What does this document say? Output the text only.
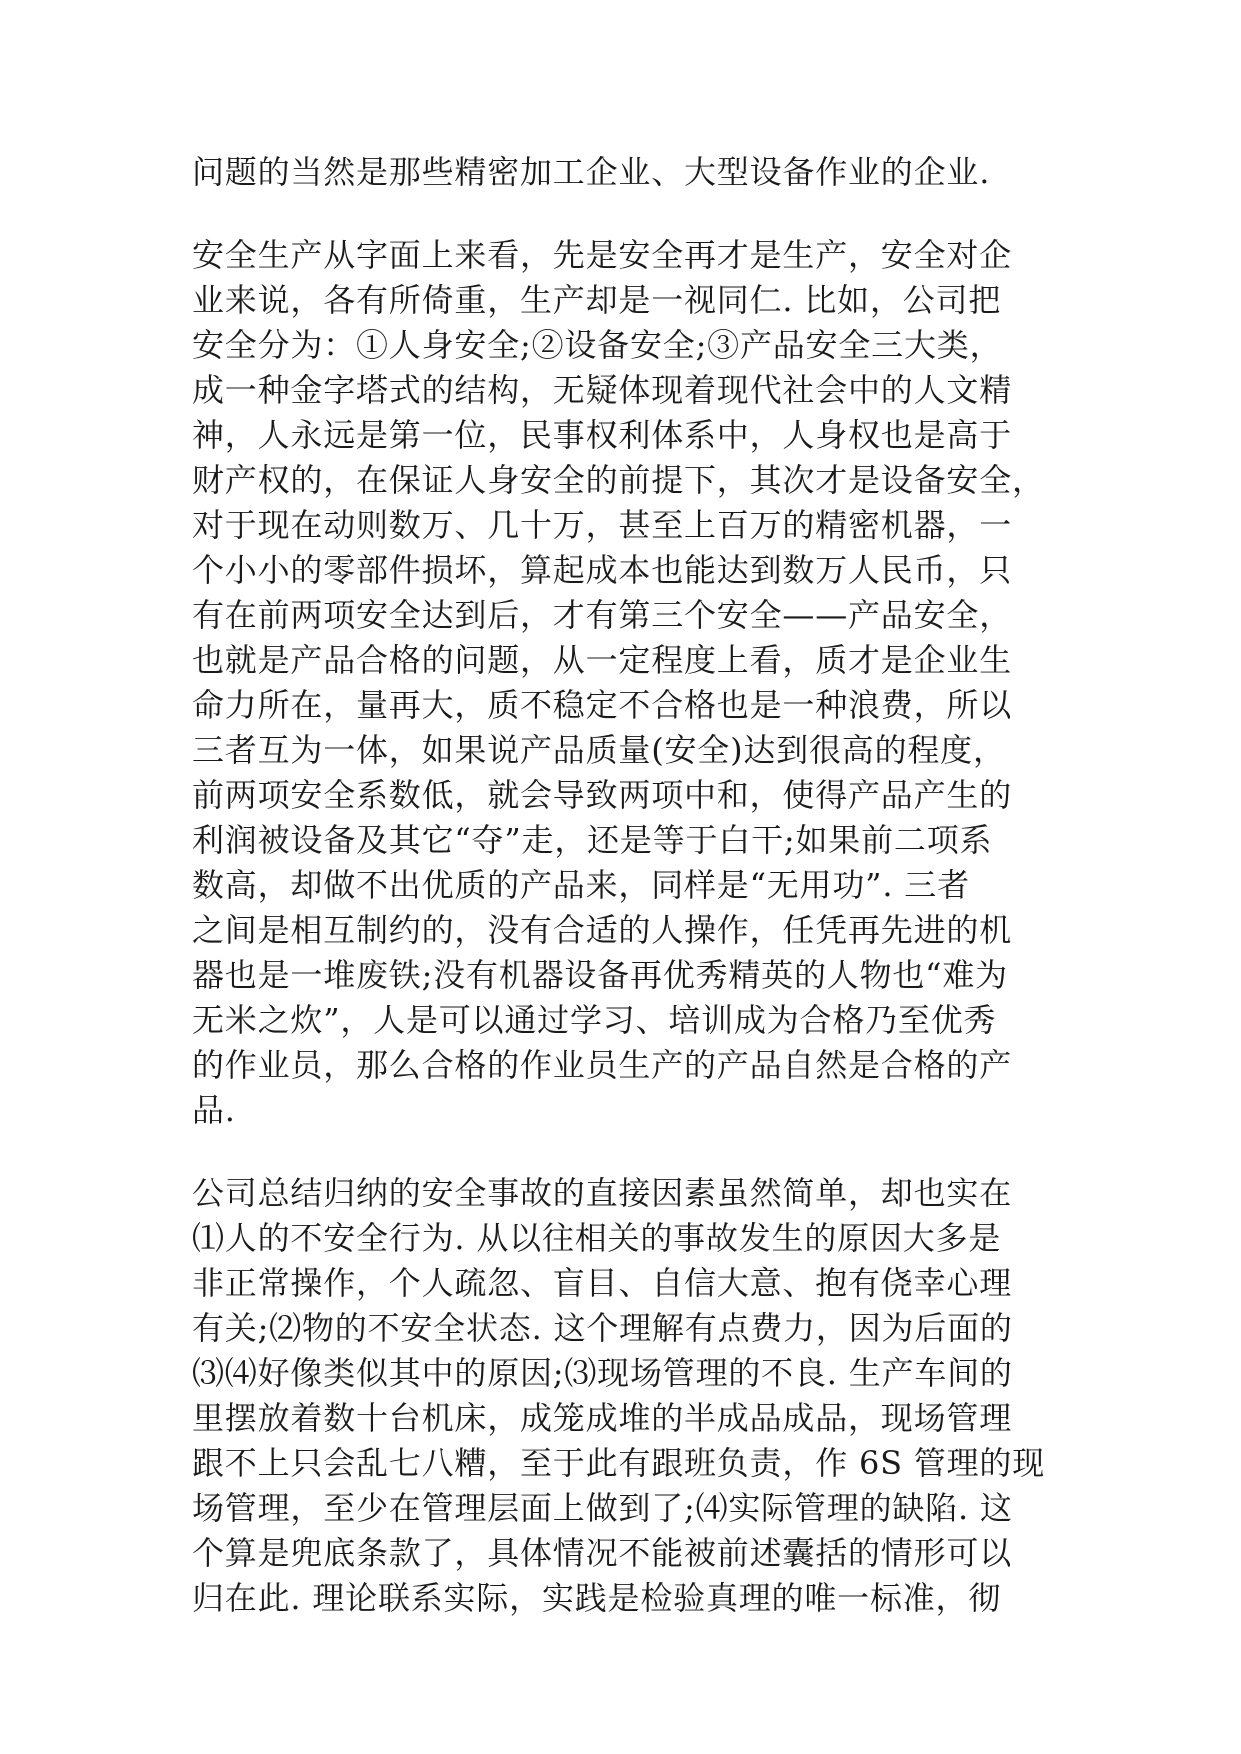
问题的当然是那些精密加工企业、大型设备作业的企业.
安全生产从字面上来看，先是安全再才是生产，安全对企
业来说，各有所倚重，生产却是一视同仁. 比如，公司把
安全分为：①人身安全;②设备安全;③产品安全三大类，
成一种金字塔式的结构，无疑体现着现代社会中的人文精
神，人永远是第一位，民事权利体系中，人身权也是高于
财产权的，在保证人身安全的前提下，其次才是设备安全，
对于现在动则数万、几十万，甚至上百万的精密机器，一
个小小的零部件损坏，算起成本也能达到数万人民币，只
有在前两项安全达到后，才有第三个安全——产品安全，
也就是产品合格的问题，从一定程度上看，质才是企业生
命力所在，量再大，质不稳定不合格也是一种浪费，所以
三者互为一体，如果说产品质量(安全)达到很高的程度，
前两项安全系数低，就会导致两项中和，使得产品产生的
利润被设备及其它“夺”走，还是等于白干;如果前二项系
数高，却做不出优质的产品来，同样是“无用功”. 三者
之间是相互制约的，没有合适的人操作，任凭再先进的机
器也是一堆废铁;没有机器设备再优秀精英的人物也“难为
无米之炊”，人是可以通过学习、培训成为合格乃至优秀
的作业员，那么合格的作业员生产的产品自然是合格的产
品.
公司总结归纳的安全事故的直接因素虽然简单，却也实在
⑴人的不安全行为. 从以往相关的事故发生的原因大多是
非正常操作，个人疏忽、盲目、自信大意、抱有侥幸心理
有关;⑵物的不安全状态. 这个理解有点费力，因为后面的
⑶⑷好像类似其中的原因;⑶现场管理的不良. 生产车间的
里摆放着数十台机床，成笼成堆的半成品成品，现场管理
跟不上只会乱七八糟，至于此有跟班负责，作 6S 管理的现
场管理，至少在管理层面上做到了;⑷实际管理的缺陷. 这
个算是兜底条款了，具体情况不能被前述囊括的情形可以
归在此. 理论联系实际，实践是检验真理的唯一标准，彻
